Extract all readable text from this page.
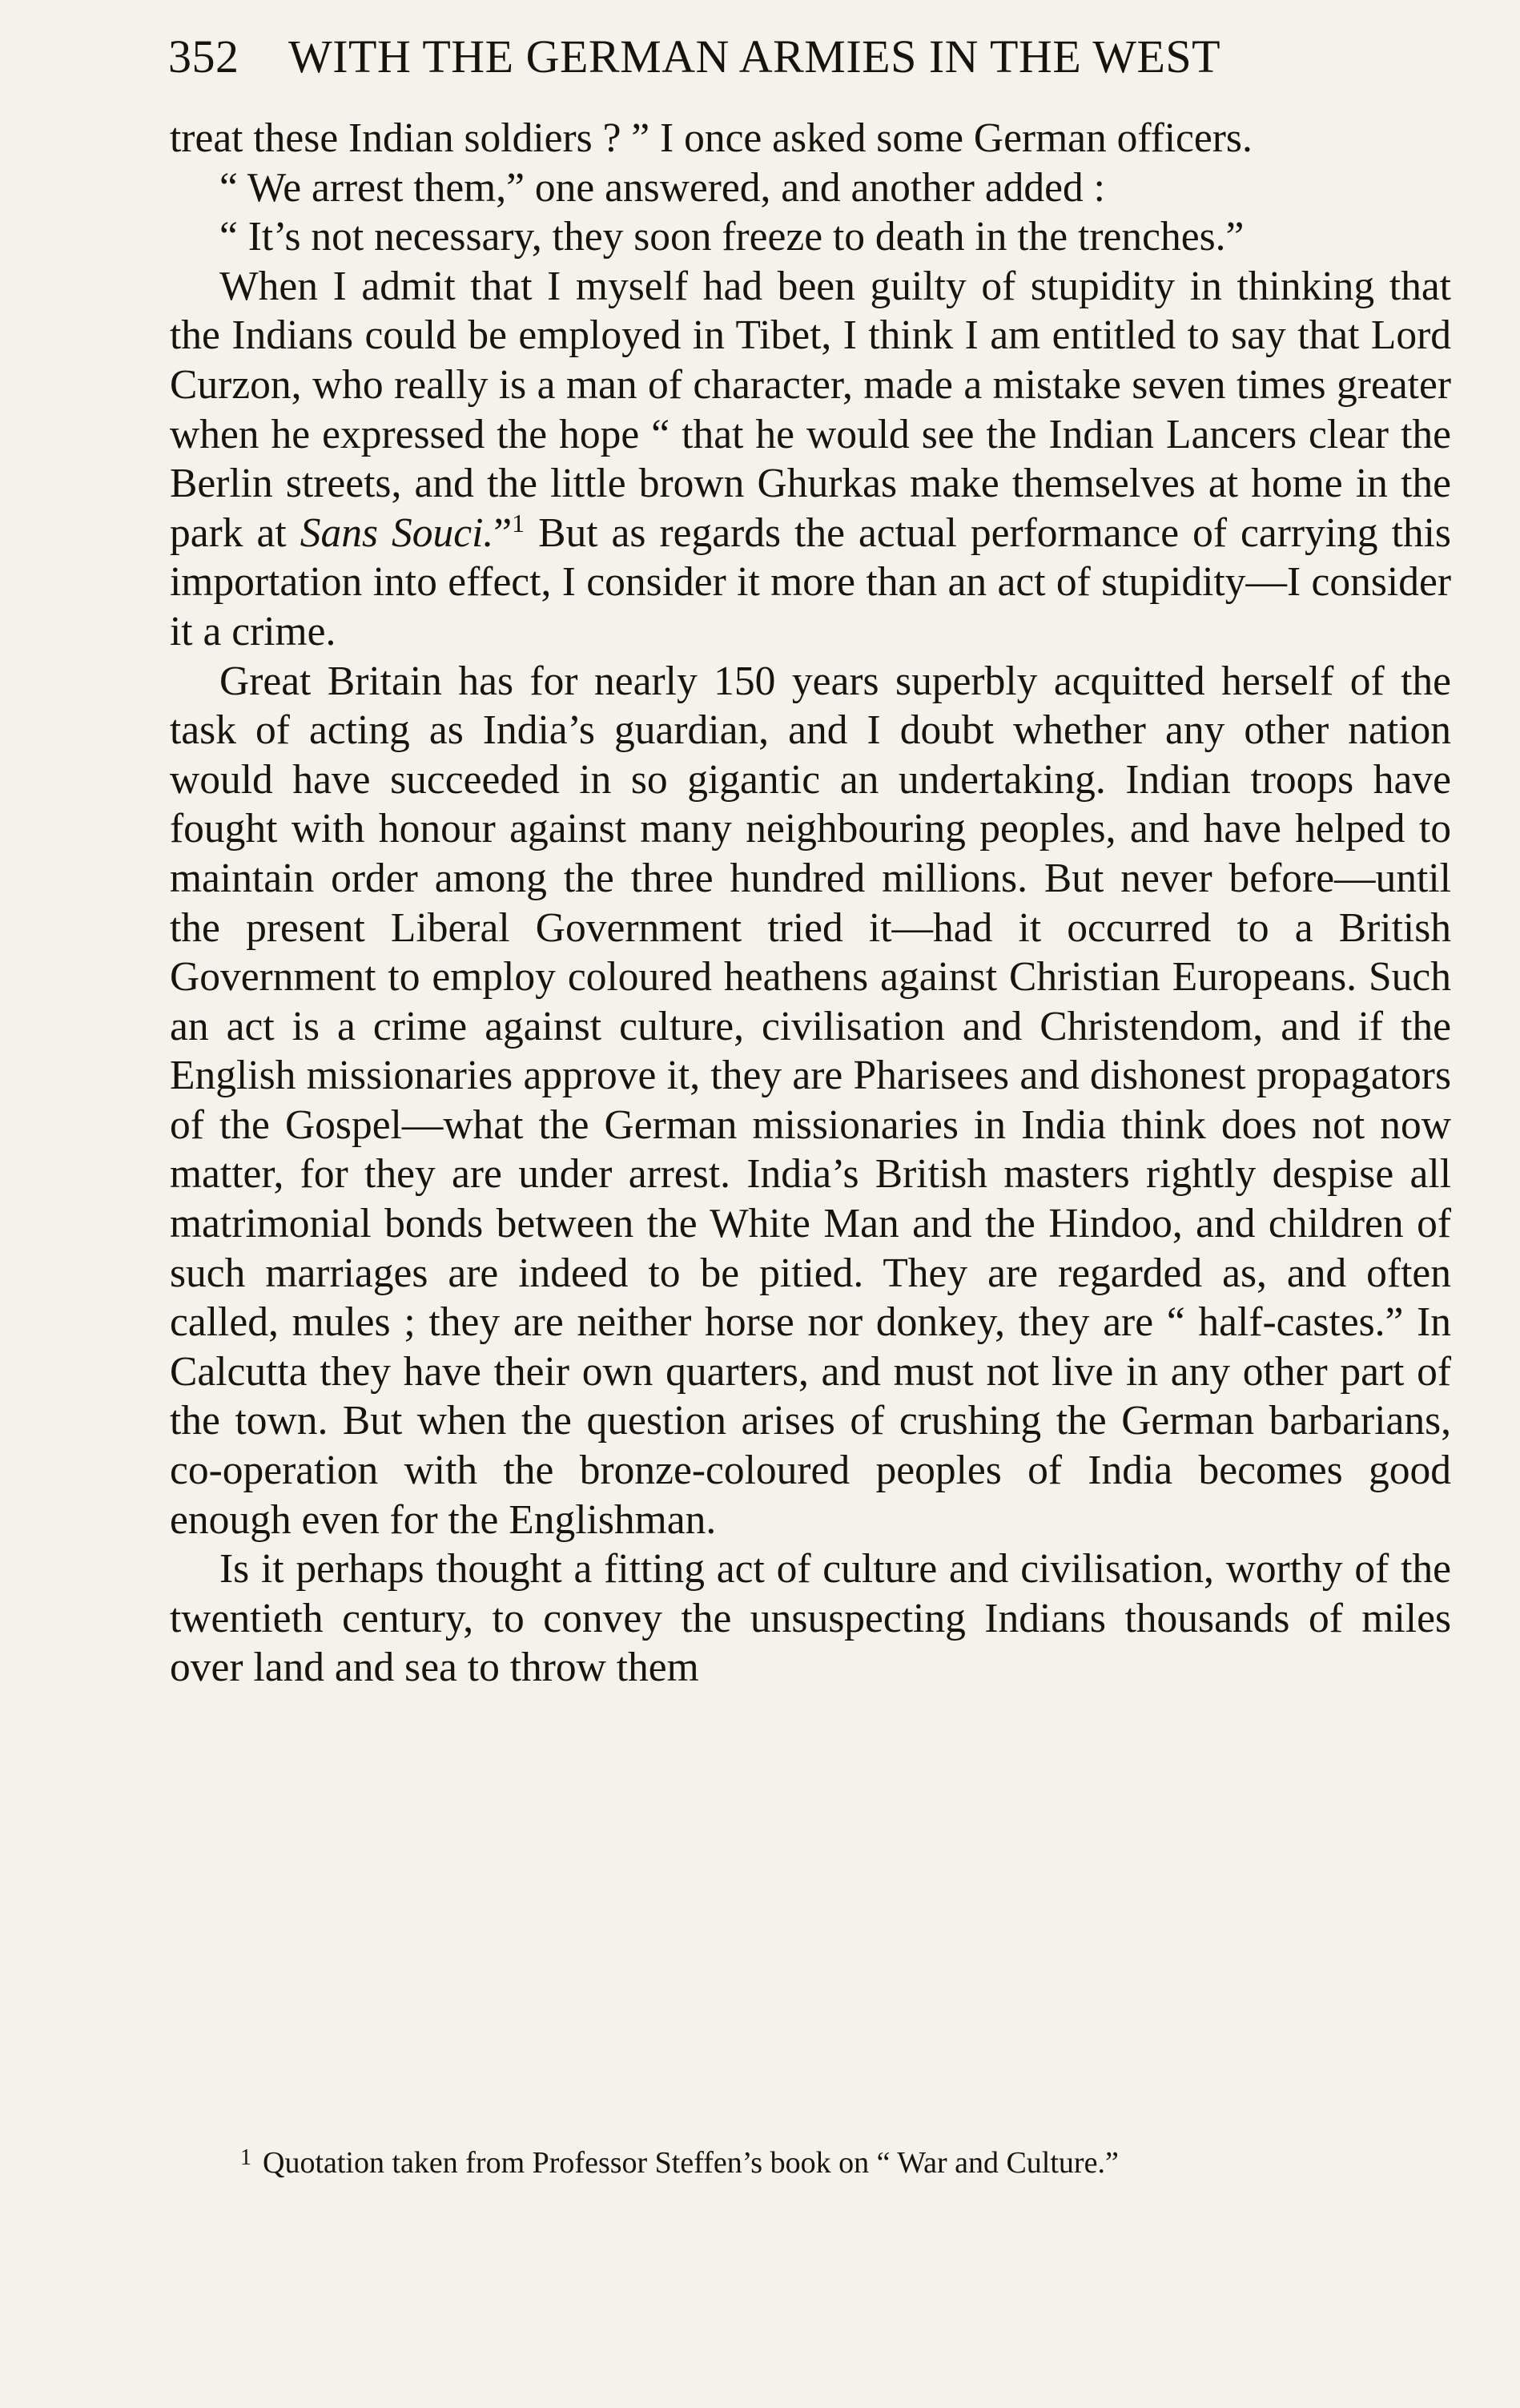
352 WITH THE GERMAN ARMIES IN THE WEST

treat these Indian soldiers ? ” I once asked some German officers.

“ We arrest them,” one answered, and another added :

“ It’s not necessary, they soon freeze to death in the trenches.”

When I admit that I myself had been guilty of stupidity in thinking that the Indians could be employed in Tibet, I think I am entitled to say that Lord Curzon, who really is a man of character, made a mistake seven times greater when he expressed the hope “ that he would see the Indian Lancers clear the Berlin streets, and the little brown Ghurkas make themselves at home in the park at Sans Souci.”$^1$ But as regards the actual performance of carrying this importation into effect, I consider it more than an act of stupidity—I consider it a crime.

Great Britain has for nearly 150 years superbly acquitted herself of the task of acting as India’s guardian, and I doubt whether any other nation would have succeeded in so gigantic an undertaking. Indian troops have fought with honour against many neighbouring peoples, and have helped to maintain order among the three hundred millions. But never before—until the present Liberal Government tried it—had it occurred to a British Government to employ coloured heathens against Christian Europeans. Such an act is a crime against culture, civilisation and Christendom, and if the English missionaries approve it, they are Pharisees and dishonest propagators of the Gospel—what the German missionaries in India think does not now matter, for they are under arrest. India’s British masters rightly despise all matrimonial bonds between the White Man and the Hindoo, and children of such marriages are indeed to be pitied. They are regarded as, and often called, mules ; they are neither horse nor donkey, they are “ half-castes.” In Calcutta they have their own quarters, and must not live in any other part of the town. But when the question arises of crushing the German barbarians, co-operation with the bronze-coloured peoples of India becomes good enough even for the Englishman.

Is it perhaps thought a fitting act of culture and civilisation, worthy of the twentieth century, to convey the unsuspecting Indians thousands of miles over land and sea to throw them

$^1$ Quotation taken from Professor Steffen’s book on “ War and Culture.”
